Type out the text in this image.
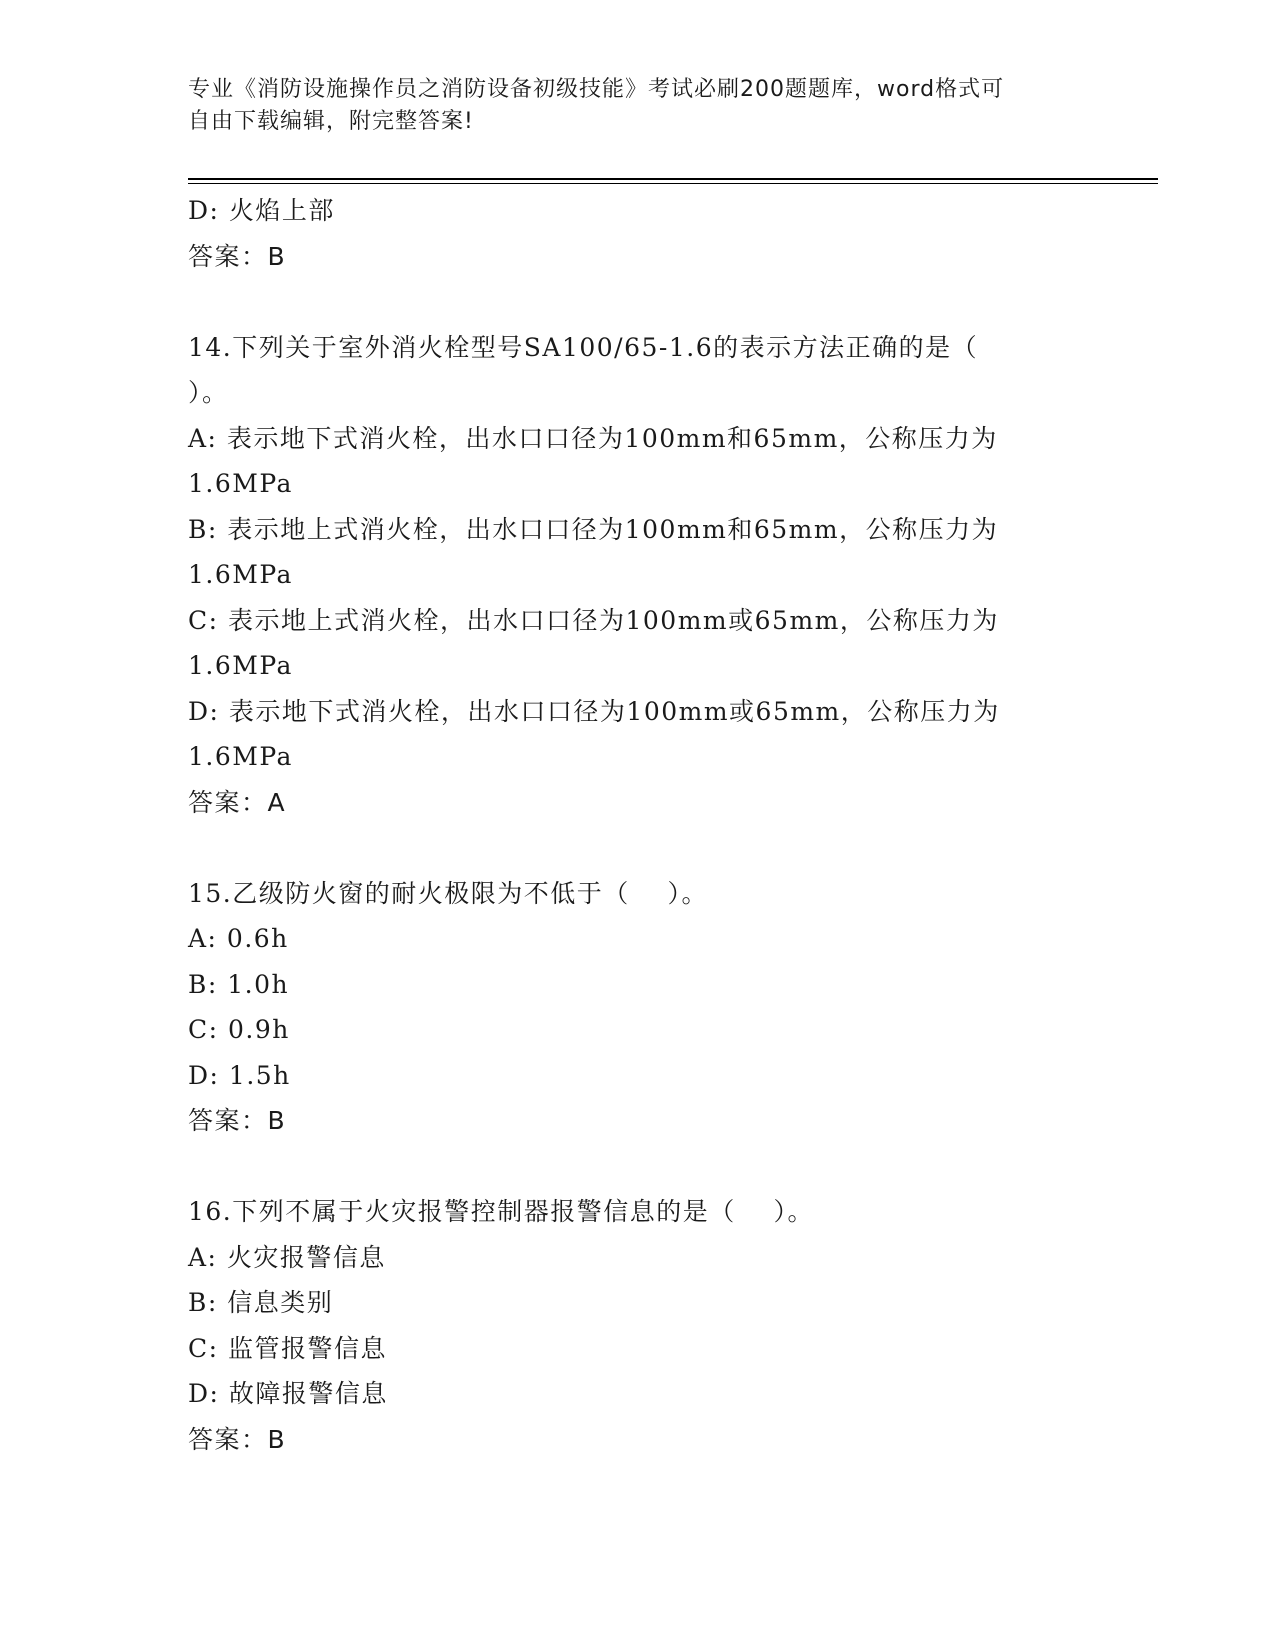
专业《消防设施操作员之消防设备初级技能》考试必刷200题题库，word格式可
自由下载编辑，附完整答案!

D: 火焰上部

答案：B

14.下列关于室外消火栓型号SA100/65-1.6的表示方法正确的是（    ）。

A: 表示地下式消火栓，出水口口径为100mm和65mm，公称压力为1.6MPa

B: 表示地上式消火栓，出水口口径为100mm和65mm，公称压力为1.6MPa

C: 表示地上式消火栓，出水口口径为100mm或65mm，公称压力为1.6MPa

D: 表示地下式消火栓，出水口口径为100mm或65mm，公称压力为1.6MPa

答案：A

15.乙级防火窗的耐火极限为不低于（    ）。

A: 0.6h

B: 1.0h

C: 0.9h

D: 1.5h

答案：B

16.下列不属于火灾报警控制器报警信息的是（    ）。

A: 火灾报警信息

B: 信息类别

C: 监管报警信息

D: 故障报警信息

答案：B
